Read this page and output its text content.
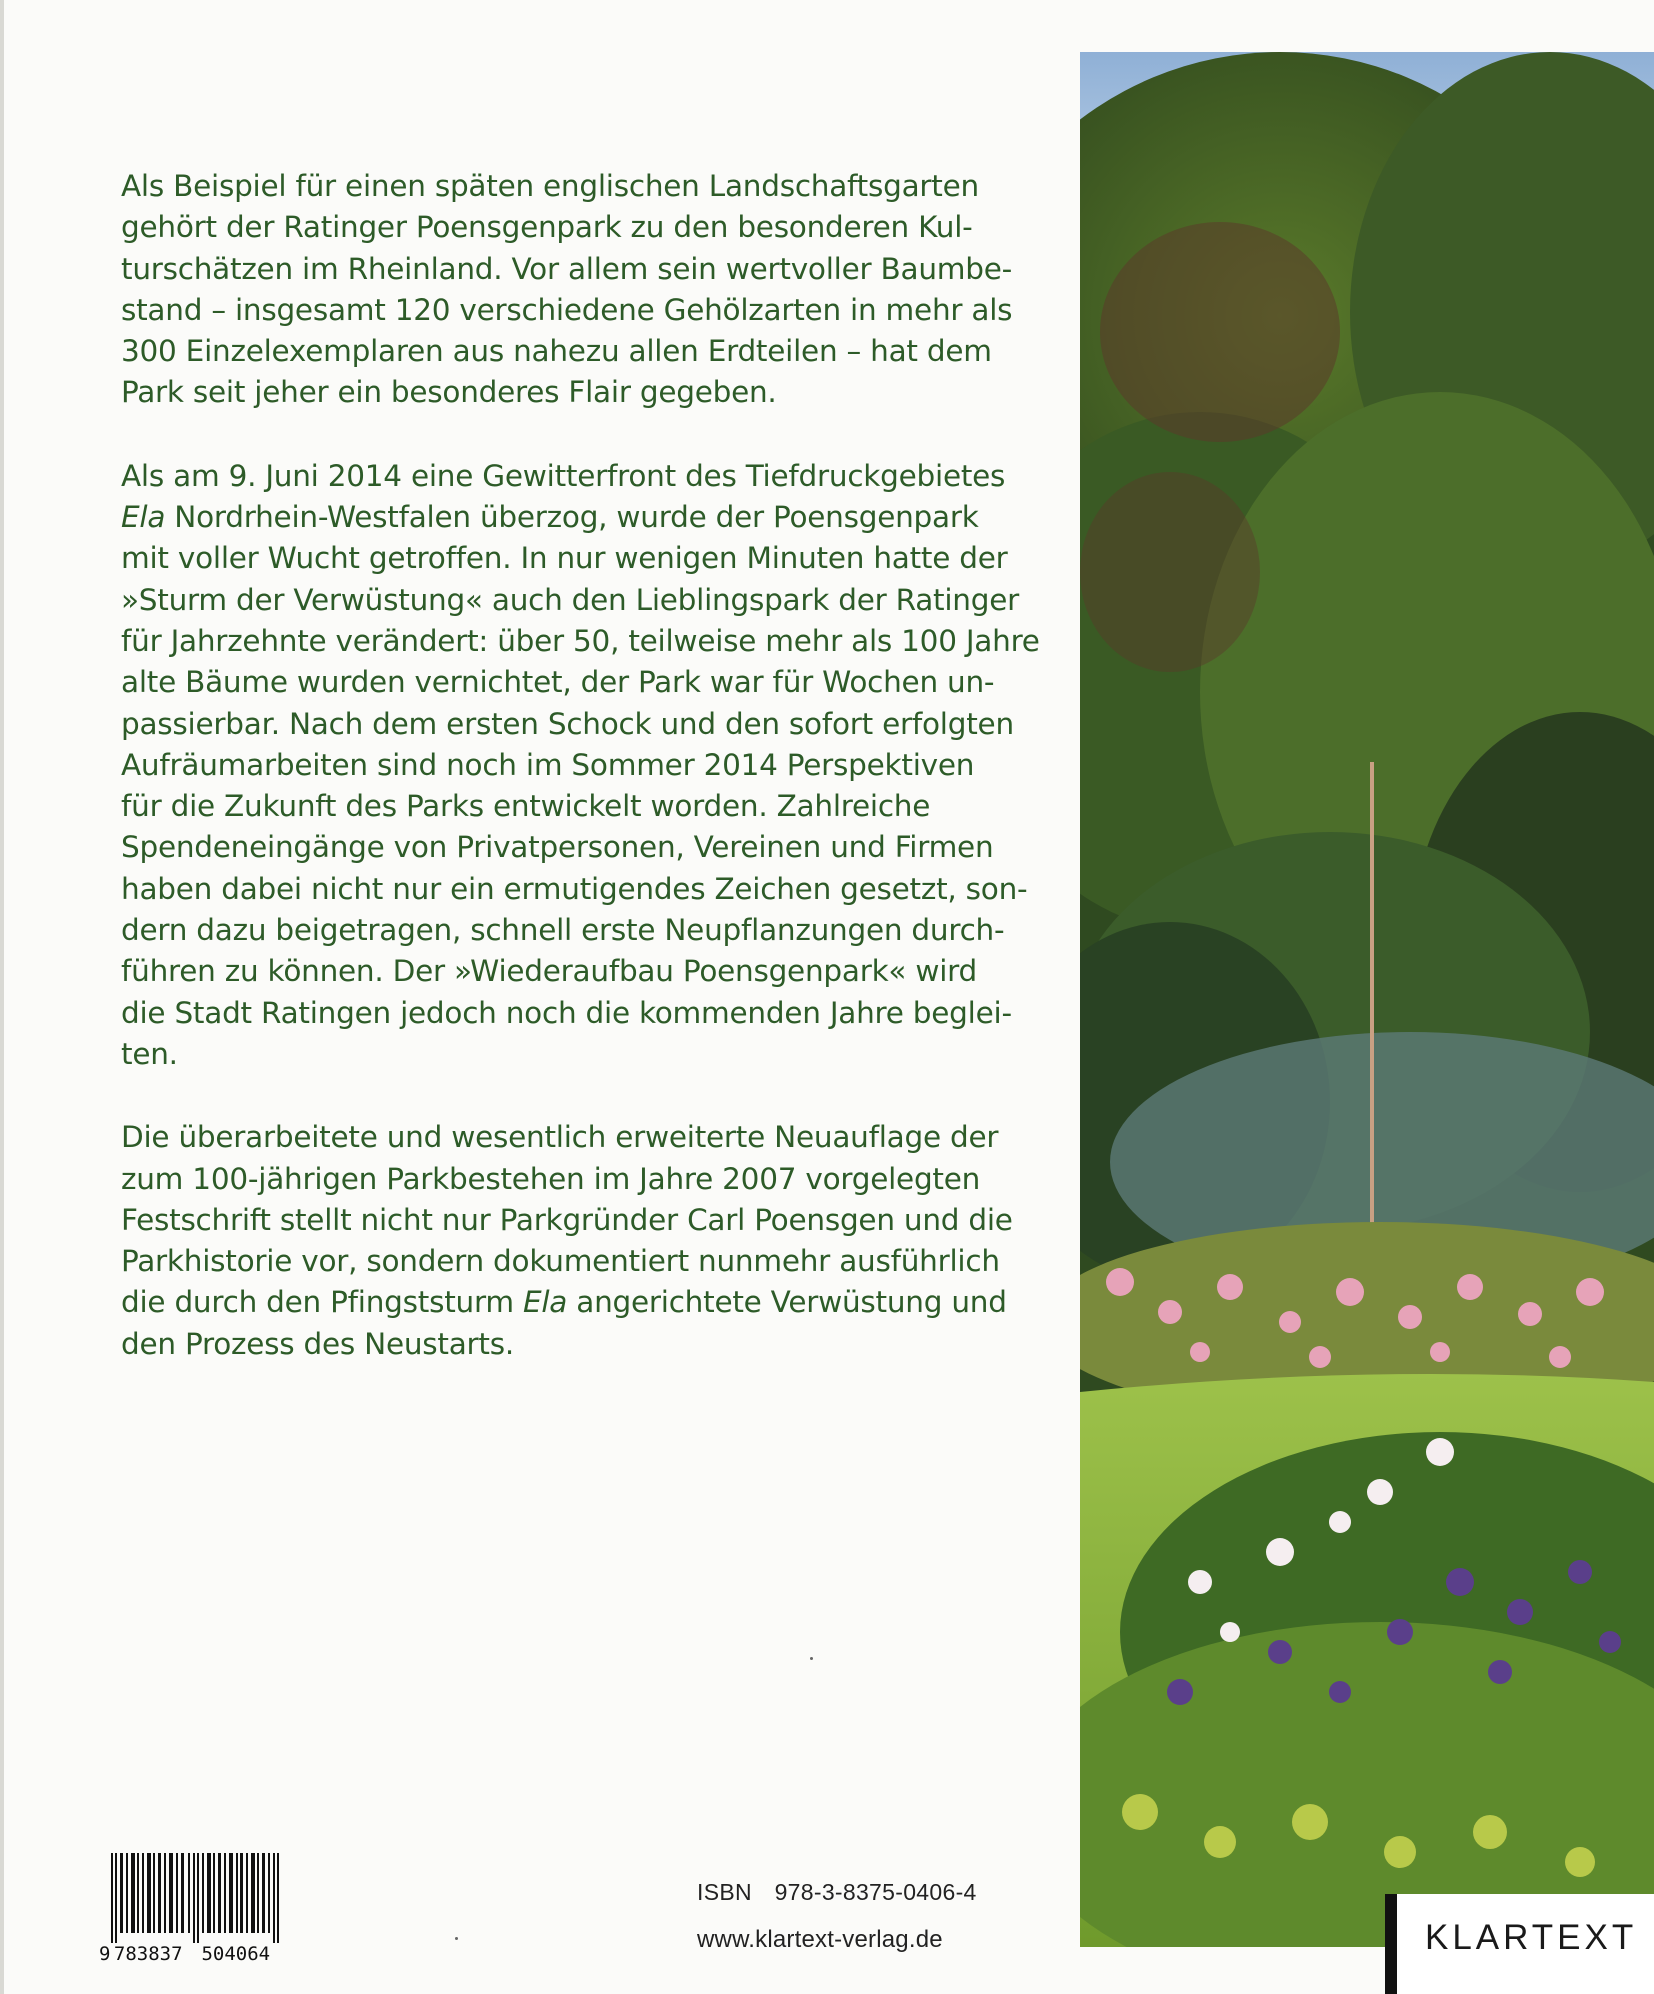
Als Beispiel für einen späten englischen Landschaftsgarten
gehört der Ratinger Poensgenpark zu den besonderen Kul-
turschätzen im Rheinland. Vor allem sein wertvoller Baumbe-
stand – insgesamt 120 verschiedene Gehölzarten in mehr als
300 Einzelexemplaren aus nahezu allen Erdteilen – hat dem
Park seit jeher ein besonderes Flair gegeben.

Als am 9. Juni 2014 eine Gewitterfront des Tiefdruckgebietes
Ela Nordrhein-Westfalen überzog, wurde der Poensgenpark
mit voller Wucht getroffen. In nur wenigen Minuten hatte der
»Sturm der Verwüstung« auch den Lieblingspark der Ratinger
für Jahrzehnte verändert: über 50, teilweise mehr als 100 Jahre
alte Bäume wurden vernichtet, der Park war für Wochen un-
passierbar. Nach dem ersten Schock und den sofort erfolgten
Aufräumarbeiten sind noch im Sommer 2014 Perspektiven
für die Zukunft des Parks entwickelt worden. Zahlreiche
Spendeneingänge von Privatpersonen, Vereinen und Firmen
haben dabei nicht nur ein ermutigendes Zeichen gesetzt, son-
dern dazu beigetragen, schnell erste Neupflanzungen durch-
führen zu können. Der »Wiederaufbau Poensgenpark« wird
die Stadt Ratingen jedoch noch die kommenden Jahre beglei-
ten.

Die überarbeitete und wesentlich erweiterte Neuauflage der
zum 100-jährigen Parkbestehen im Jahre 2007 vorgelegten
Festschrift stellt nicht nur Parkgründer Carl Poensgen und die
Parkhistorie vor, sondern dokumentiert nunmehr ausführlich
die durch den Pfingststurm Ela angerichtete Verwüstung und
den Prozess des Neustarts.

9 783837 504064
ISBN 978-3-8375-0406-4
www.klartext-verlag.de	KLARTEXT
